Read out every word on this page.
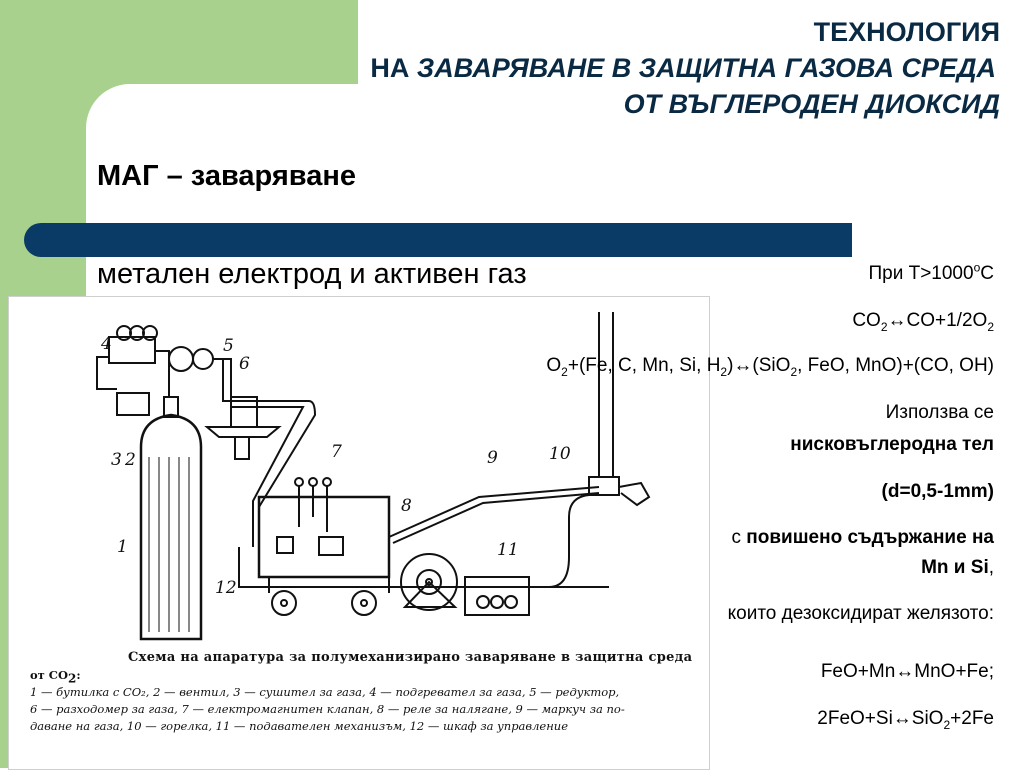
ТЕХНОЛОГИЯ
НА ЗАВАРЯВАНЕ В ЗАЩИТНА ГАЗОВА СРЕДА
ОТ ВЪГЛЕРОДЕН ДИОКСИД
МАГ – заваряване
метален електрод и активен газ
4
3 2
1
5
6
7
8
9	10
11
12
Схема на апаратура за полумеханизирано заваряване в защитна среда
от $CO_2$:
1 — бутилка с CO₂, 2 — вентил, 3 — сушител за газа, 4 — подгревател за газа, 5 — редуктор,
6 — разходомер за газа, 7 — електромагнитен клапан, 8 — реле за налягане, 9 — маркуч за по-
даване на газа, 10 — горелка, 11 — подавателен механизъм, 12 — шкаф за управление
При $Т>1000^оС$
$CO_2\leftrightarrow CO+1/2O_2$
$O_2+(Fe$, C, Mn, Si, $H_2)\leftrightarrow(SiO_2$, FeO, MnO)+(CO, OH)
Използва се
нисковъглеродна тел
(d=0,5-1mm)
с повишено съдържание на
Mn и Si,
които дезоксидират желязото:
FeO+Mn↔MnO+Fe;
2FeO+Si↔SiO$_2$+2Fe
